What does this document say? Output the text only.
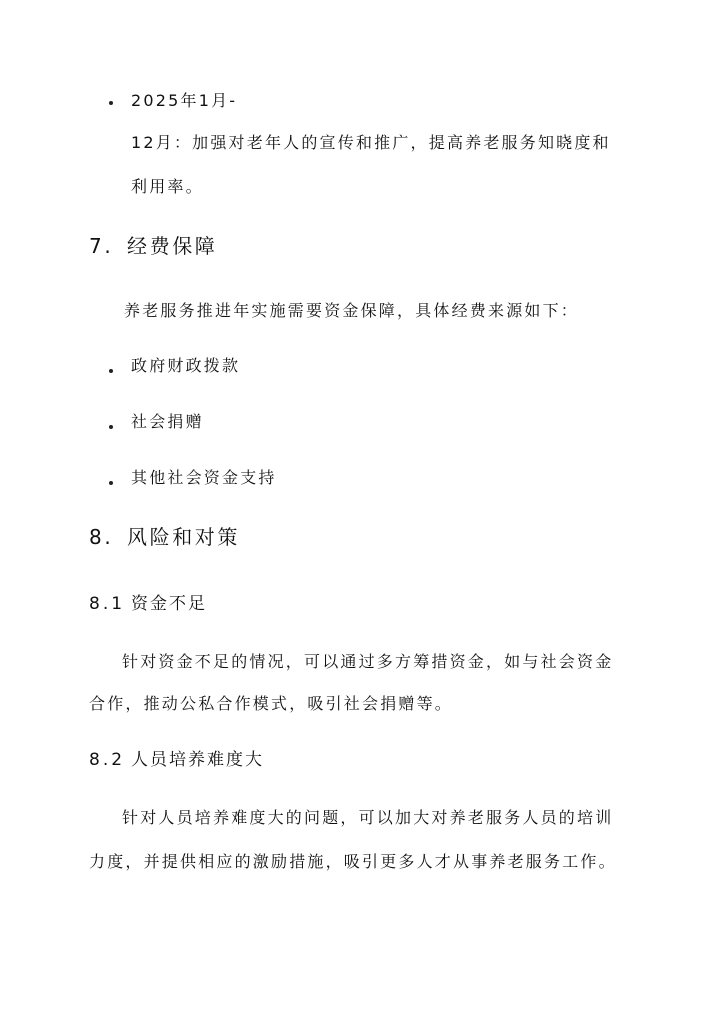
2025年1月-
12月：加强对老年人的宣传和推广，提高养老服务知晓度和
利用率。
7. 经费保障
养老服务推进年实施需要资金保障，具体经费来源如下：
政府财政拨款
社会捐赠
其他社会资金支持
8. 风险和对策
8.1 资金不足
针对资金不足的情况，可以通过多方筹措资金，如与社会资金
合作，推动公私合作模式，吸引社会捐赠等。
8.2 人员培养难度大
针对人员培养难度大的问题，可以加大对养老服务人员的培训
力度，并提供相应的激励措施，吸引更多人才从事养老服务工作。
